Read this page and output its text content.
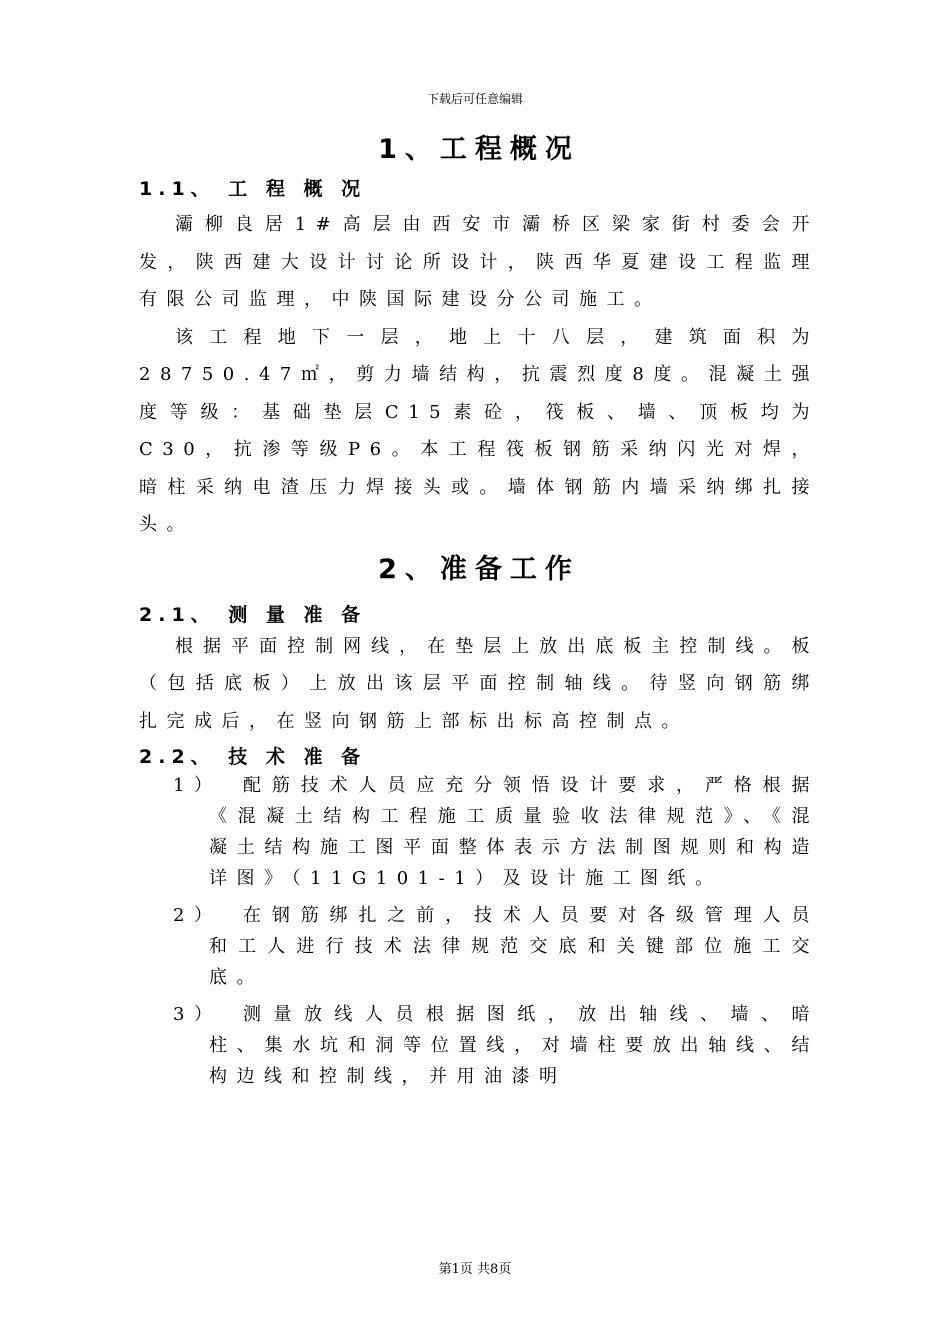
下载后可任意编辑
1、工程概况
1.1、 工 程 概 况

灞柳良居1#高层由西安市灞桥区梁家街村委会开发，陕西建大设计讨论所设计，陕西华夏建设工程监理有限公司监理，中陕国际建设分公司施工。

该工程地下一层，地上十八层，建筑面积为28750.47㎡，剪力墙结构，抗震烈度8度。混凝土强度等级：基础垫层C15素砼，筏板、墙、顶板均为C30，抗渗等级P6。本工程筏板钢筋采纳闪光对焊，暗柱采纳电渣压力焊接头或。墙体钢筋内墙采纳绑扎接头。

2、准备工作
2.1、 测 量 准 备

根据平面控制网线，在垫层上放出底板主控制线。板（包括底板）上放出该层平面控制轴线。待竖向钢筋绑扎完成后，在竖向钢筋上部标出标高控制点。

2.2、 技 术 准 备
1）	配筋技术人员应充分领悟设计要求，严格根据《混凝土结构工程施工质量验收法律规范》、《混凝土结构施工图平面整体表示方法制图规则和构造详图》（11G101-1）及设计施工图纸。
2）	在钢筋绑扎之前，技术人员要对各级管理人员和工人进行技术法律规范交底和关键部位施工交底。
3）	测量放线人员根据图纸，放出轴线、墙、暗柱、集水坑和洞等位置线，对墙柱要放出轴线、结构边线和控制线，并用油漆明
第1页 共8页
